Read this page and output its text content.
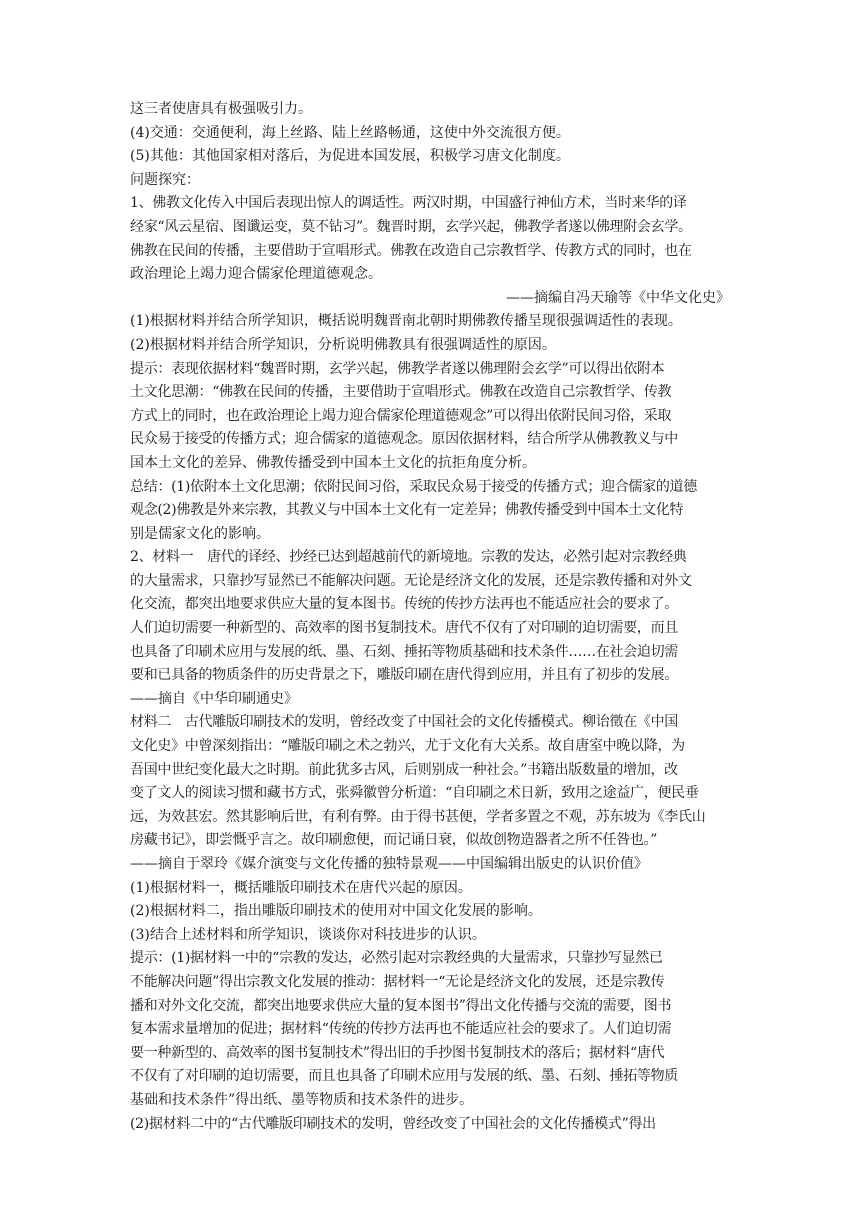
这三者使唐具有极强吸引力。
(4)交通：交通便利，海上丝路、陆上丝路畅通，这使中外交流很方便。
(5)其他：其他国家相对落后，为促进本国发展，积极学习唐文化制度。
问题探究：
1、佛教文化传入中国后表现出惊人的调适性。两汉时期，中国盛行神仙方术，当时来华的译
经家“风云星宿、图谶运变，莫不钻习”。魏晋时期，玄学兴起，佛教学者遂以佛理附会玄学。
佛教在民间的传播，主要借助于宣唱形式。佛教在改造自己宗教哲学、传教方式的同时，也在
政治理论上竭力迎合儒家伦理道德观念。
——摘编自冯天瑜等《中华文化史》
(1)根据材料并结合所学知识，概括说明魏晋南北朝时期佛教传播呈现很强调适性的表现。
(2)根据材料并结合所学知识，分析说明佛教具有很强调适性的原因。
提示：表现依据材料“魏晋时期，玄学兴起，佛教学者遂以佛理附会玄学”可以得出依附本
土文化思潮：“佛教在民间的传播，主要借助于宣唱形式。佛教在改造自己宗教哲学、传教
方式上的同时，也在政治理论上竭力迎合儒家伦理道德观念”可以得出依附民间习俗，采取
民众易于接受的传播方式；迎合儒家的道德观念。原因依据材料，结合所学从佛教教义与中
国本土文化的差异、佛教传播受到中国本土文化的抗拒角度分析。
总结：(1)依附本土文化思潮；依附民间习俗，采取民众易于接受的传播方式；迎合儒家的道德
观念(2)佛教是外来宗教，其教义与中国本土文化有一定差异；佛教传播受到中国本土文化特
别是儒家文化的影响。
2、材料一　唐代的译经、抄经已达到超越前代的新境地。宗教的发达，必然引起对宗教经典
的大量需求，只靠抄写显然已不能解决问题。无论是经济文化的发展，还是宗教传播和对外文
化交流，都突出地要求供应大量的复本图书。传统的传抄方法再也不能适应社会的要求了。
人们迫切需要一种新型的、高效率的图书复制技术。唐代不仅有了对印刷的迫切需要，而且
也具备了印刷术应用与发展的纸、墨、石刻、捶拓等物质基础和技术条件……在社会迫切需
要和已具备的物质条件的历史背景之下，雕版印刷在唐代得到应用，并且有了初步的发展。
——摘自《中华印刷通史》
材料二　古代雕版印刷技术的发明，曾经改变了中国社会的文化传播模式。柳诒徵在《中国
文化史》中曾深刻指出：“雕版印刷之术之勃兴，尤于文化有大关系。故自唐室中晚以降，为
吾国中世纪变化最大之时期。前此犹多古风，后则别成一种社会。”书籍出版数量的增加，改
变了文人的阅读习惯和藏书方式，张舜徽曾分析道：“自印刷之术日新，致用之途益广，便民垂
远，为效甚宏。然其影响后世，有利有弊。由于得书甚便，学者多置之不观，苏东坡为《李氏山
房藏书记》，即尝慨乎言之。故印刷愈便，而记诵日衰，似故创物造器者之所不任咎也。”
——摘自于翠玲《媒介演变与文化传播的独特景观——中国编辑出版史的认识价值》
(1)根据材料一，概括雕版印刷技术在唐代兴起的原因。
(2)根据材料二，指出雕版印刷技术的使用对中国文化发展的影响。
(3)结合上述材料和所学知识，谈谈你对科技进步的认识。
提示：(1)据材料一中的“宗教的发达，必然引起对宗教经典的大量需求，只靠抄写显然已
不能解决问题”得出宗教文化发展的推动：据材料一“无论是经济文化的发展，还是宗教传
播和对外文化交流，都突出地要求供应大量的复本图书”得出文化传播与交流的需要，图书
复本需求量增加的促进；据材料“传统的传抄方法再也不能适应社会的要求了。人们迫切需
要一种新型的、高效率的图书复制技术”得出旧的手抄图书复制技术的落后；据材料“唐代
不仅有了对印刷的迫切需要，而且也具备了印刷术应用与发展的纸、墨、石刻、捶拓等物质
基础和技术条件”得出纸、墨等物质和技术条件的进步。
(2)据材料二中的“古代雕版印刷技术的发明，曾经改变了中国社会的文化传播模式”得出
